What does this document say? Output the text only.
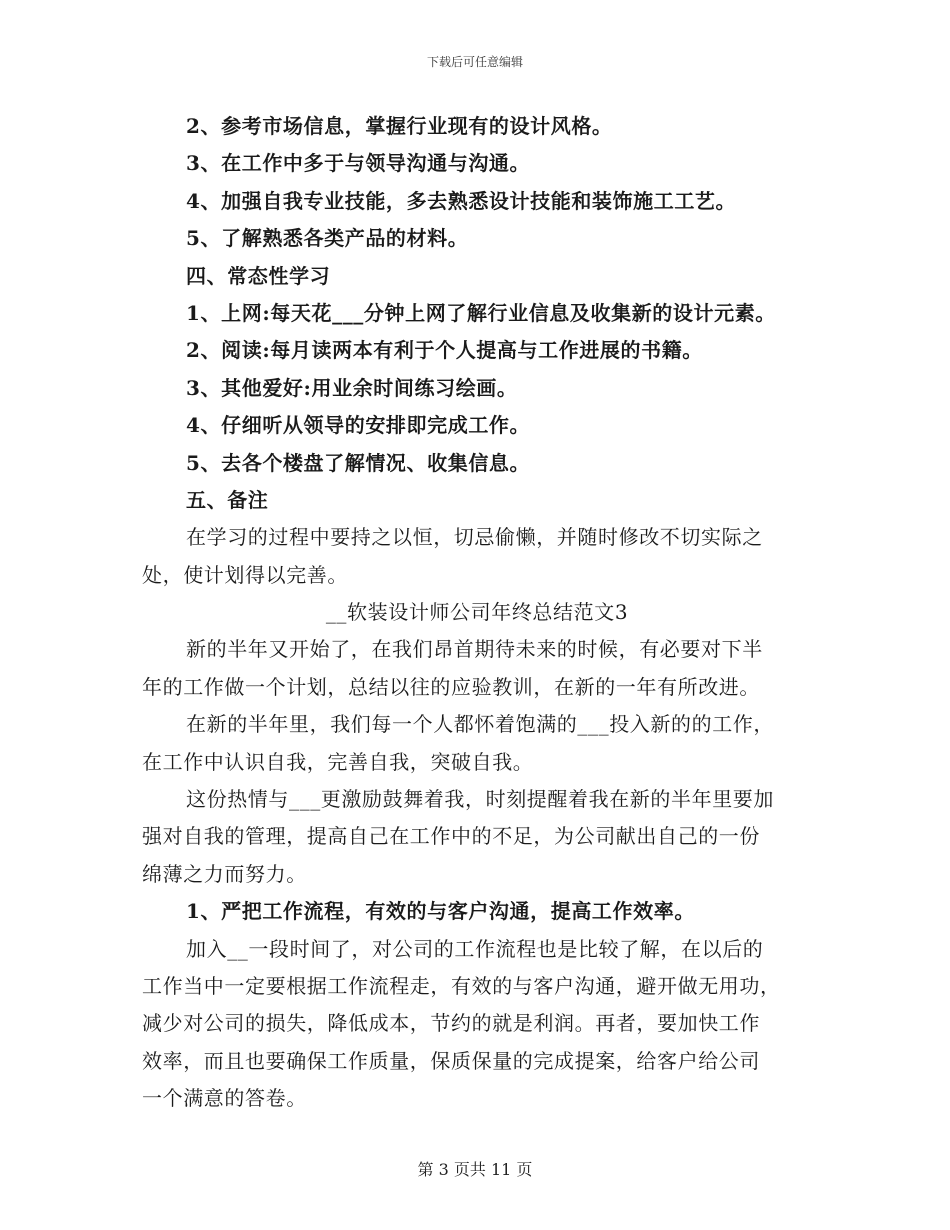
下载后可任意编辑

2、参考市场信息，掌握行业现有的设计风格。

3、在工作中多于与领导沟通与沟通。

4、加强自我专业技能，多去熟悉设计技能和装饰施工工艺。

5、了解熟悉各类产品的材料。

四、常态性学习

1、上网:每天花___分钟上网了解行业信息及收集新的设计元素。

2、阅读:每月读两本有利于个人提高与工作进展的书籍。

3、其他爱好:用业余时间练习绘画。

4、仔细听从领导的安排即完成工作。

5、去各个楼盘了解情况、收集信息。

五、备注

在学习的过程中要持之以恒，切忌偷懒，并随时修改不切实际之

处，使计划得以完善。

__软装设计师公司年终总结范文3

新的半年又开始了，在我们昂首期待未来的时候，有必要对下半

年的工作做一个计划，总结以往的应验教训，在新的一年有所改进。

在新的半年里，我们每一个人都怀着饱满的___投入新的的工作，

在工作中认识自我，完善自我，突破自我。

这份热情与___更激励鼓舞着我，时刻提醒着我在新的半年里要加

强对自我的管理，提高自己在工作中的不足，为公司献出自己的一份

绵薄之力而努力。

1、严把工作流程，有效的与客户沟通，提高工作效率。

加入__一段时间了，对公司的工作流程也是比较了解，在以后的

工作当中一定要根据工作流程走，有效的与客户沟通，避开做无用功，

减少对公司的损失，降低成本，节约的就是利润。再者，要加快工作

效率，而且也要确保工作质量，保质保量的完成提案，给客户给公司

一个满意的答卷。

第 3 页共 11 页
